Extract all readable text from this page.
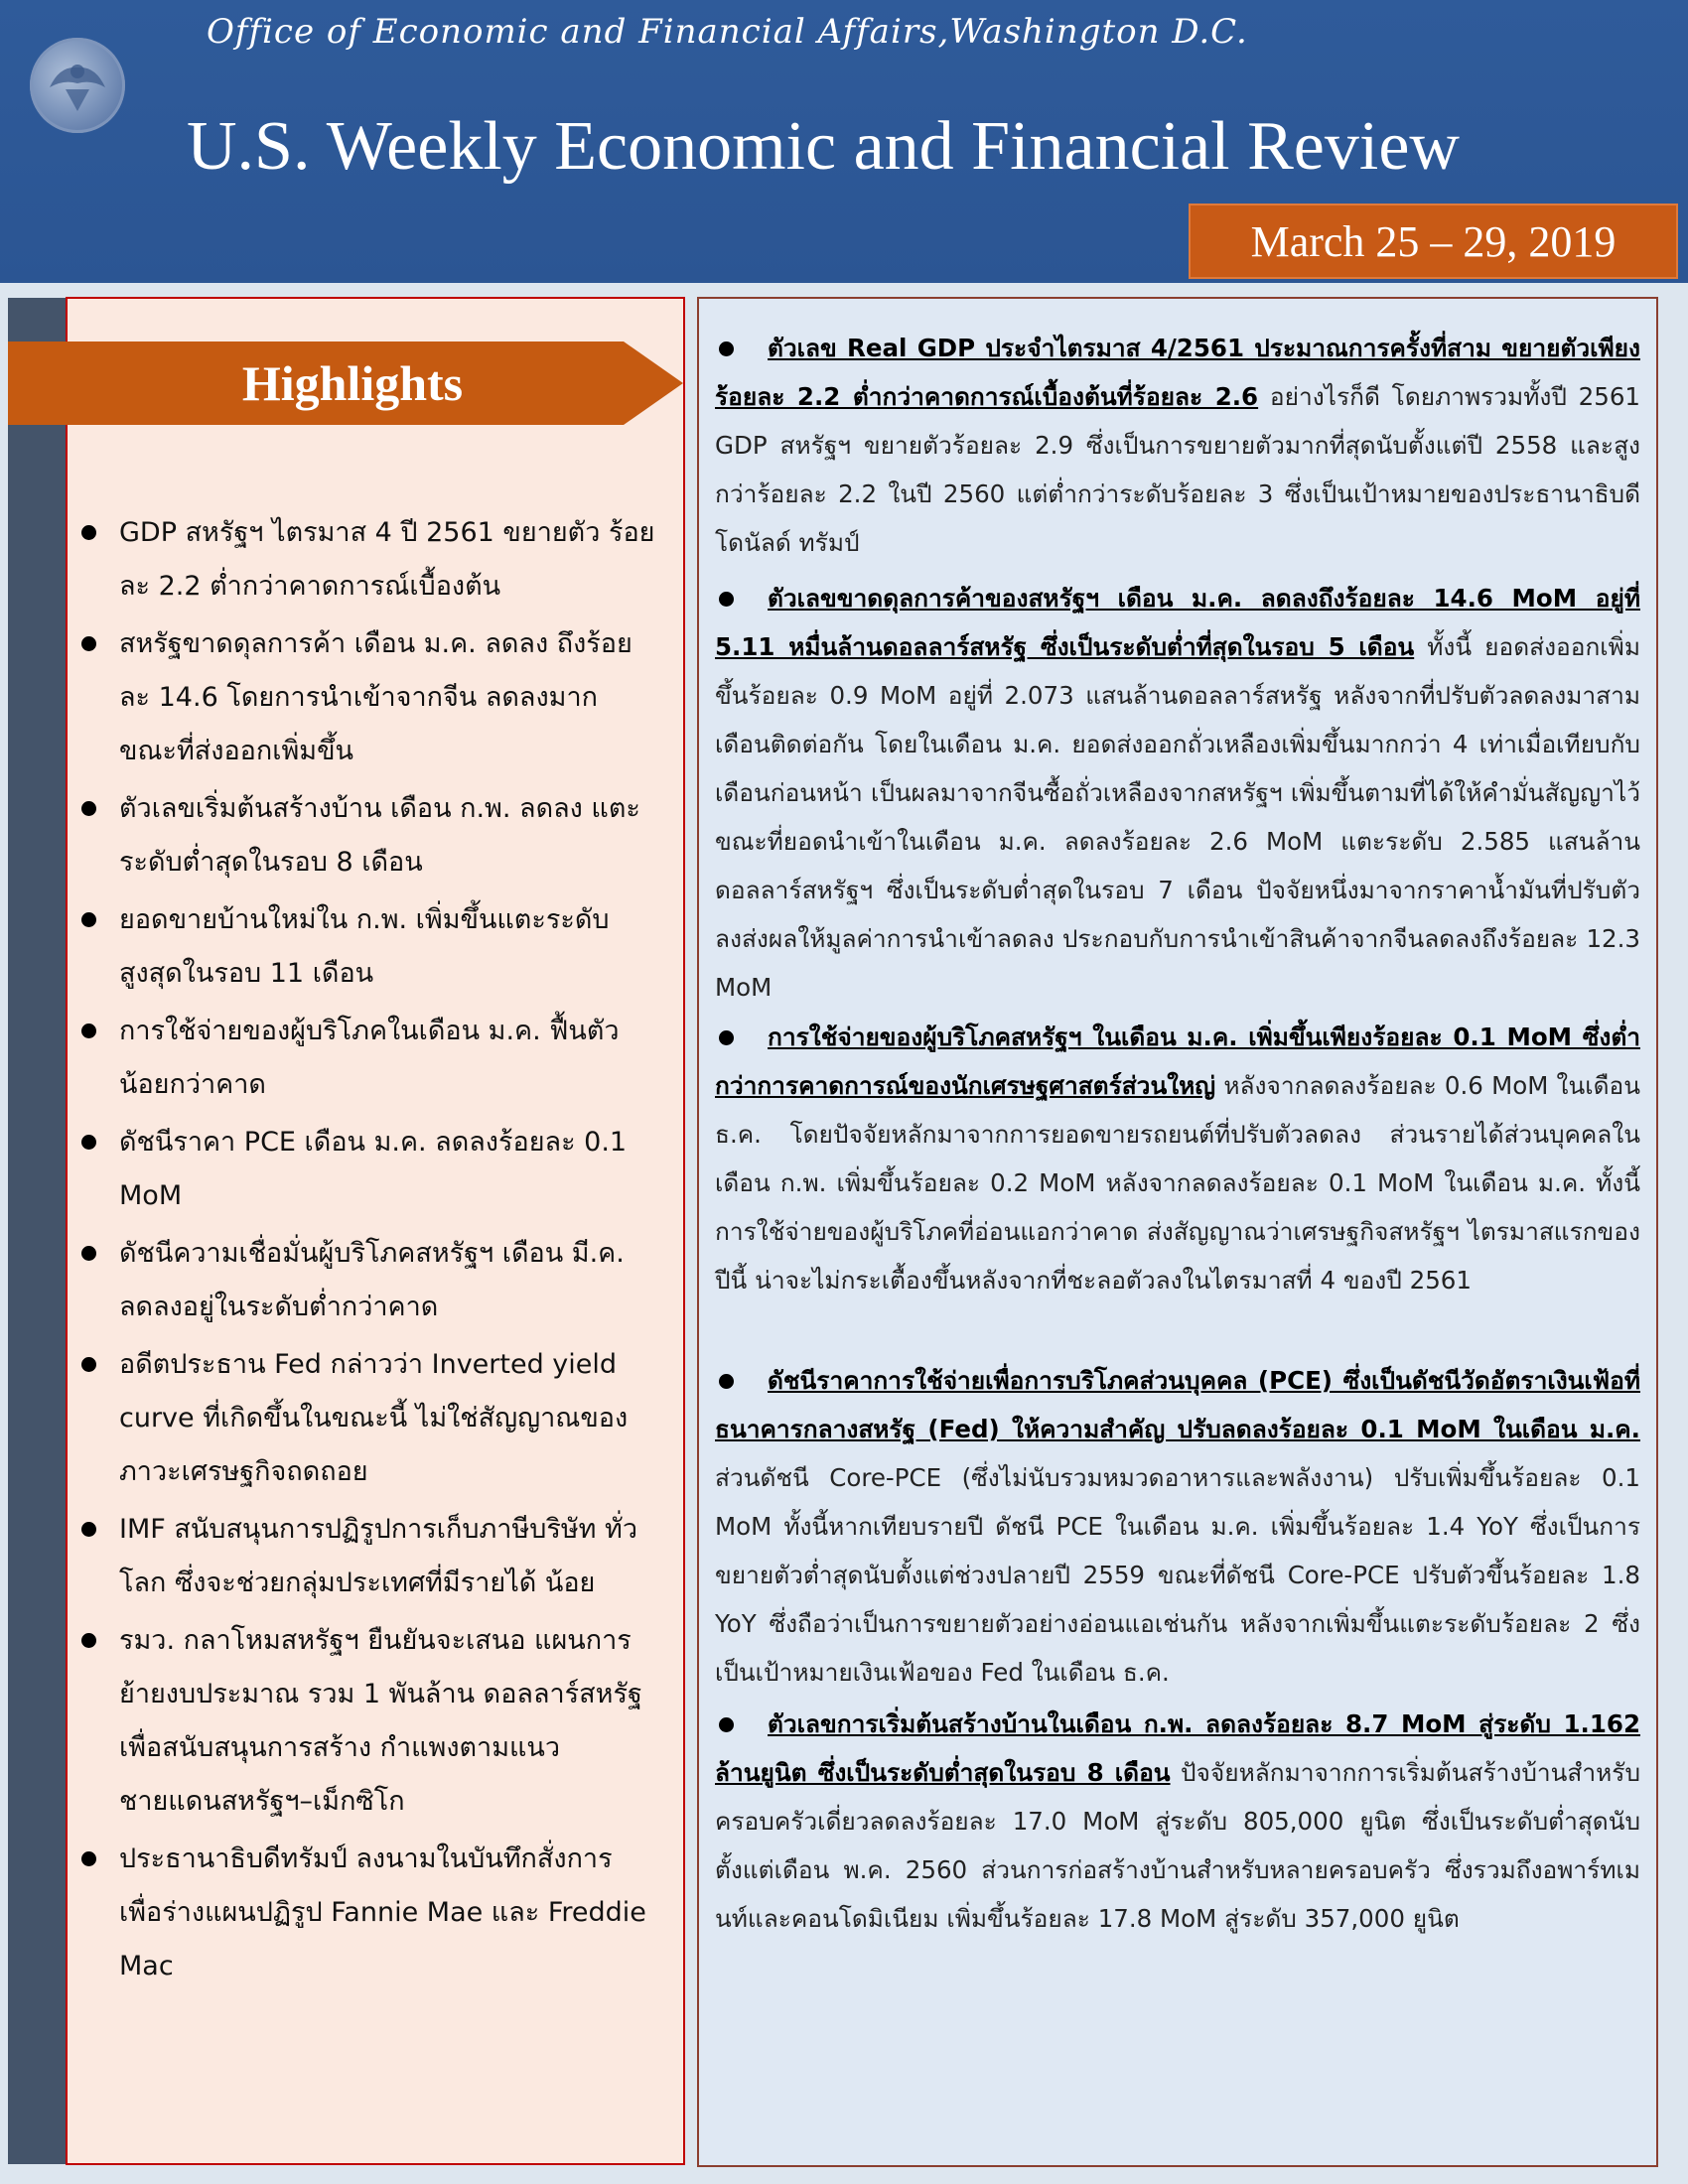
Office of Economic and Financial Affairs,Washington D.C.
U.S. Weekly Economic and Financial Review
March 25 – 29, 2019
Highlights
GDP สหรัฐฯ ไตรมาส 4 ปี 2561 ขยายตัว ร้อยละ 2.2 ต่ำกว่าคาดการณ์เบื้องต้น
สหรัฐขาดดุลการค้า เดือน ม.ค. ลดลง ถึงร้อยละ 14.6 โดยการนำเข้าจากจีน ลดลงมาก ขณะที่ส่งออกเพิ่มขึ้น
ตัวเลขเริ่มต้นสร้างบ้าน เดือน ก.พ. ลดลง แตะระดับต่ำสุดในรอบ 8 เดือน
ยอดขายบ้านใหม่ใน ก.พ. เพิ่มขึ้นแตะระดับ สูงสุดในรอบ 11 เดือน
การใช้จ่ายของผู้บริโภคในเดือน ม.ค. ฟื้นตัว น้อยกว่าคาด
ดัชนีราคา PCE เดือน ม.ค. ลดลงร้อยละ 0.1 MoM
ดัชนีความเชื่อมั่นผู้บริโภคสหรัฐฯ เดือน มี.ค. ลดลงอยู่ในระดับต่ำกว่าคาด
อดีตประธาน Fed กล่าวว่า Inverted yield curve ที่เกิดขึ้นในขณะนี้ ไม่ใช่สัญญาณของภาวะเศรษฐกิจถดถอย
IMF สนับสนุนการปฏิรูปการเก็บภาษีบริษัท ทั่วโลก ซึ่งจะช่วยกลุ่มประเทศที่มีรายได้ น้อย
รมว. กลาโหมสหรัฐฯ ยืนยันจะเสนอ แผนการย้ายงบประมาณ รวม 1 พันล้าน ดอลลาร์สหรัฐ เพื่อสนับสนุนการสร้าง กำแพงตามแนวชายแดนสหรัฐฯ–เม็กซิโก
ประธานาธิบดีทรัมป์ ลงนามในบันทึกสั่งการ เพื่อร่างแผนปฏิรูป Fannie Mae และ Freddie Mac
ตัวเลข Real GDP ประจำไตรมาส 4/2561 ประมาณการครั้งที่สาม ขยายตัวเพียงร้อยละ 2.2 ต่ำกว่าคาดการณ์เบื้องต้นที่ร้อยละ 2.6 อย่างไรก็ดี โดยภาพรวมทั้งปี 2561 GDP สหรัฐฯ ขยายตัวร้อยละ 2.9 ซึ่งเป็นการขยายตัวมากที่สุดนับตั้งแต่ปี 2558 และสูงกว่าร้อยละ 2.2 ในปี 2560 แต่ต่ำกว่าระดับร้อยละ 3 ซึ่งเป็นเป้าหมายของประธานาธิบดีโดนัลด์ ทรัมป์
ตัวเลขขาดดุลการค้าของสหรัฐฯ เดือน ม.ค. ลดลงถึงร้อยละ 14.6 MoM อยู่ที่ 5.11 หมื่นล้านดอลลาร์สหรัฐ ซึ่งเป็นระดับต่ำที่สุดในรอบ 5 เดือน ทั้งนี้ ยอดส่งออกเพิ่มขึ้นร้อยละ 0.9 MoM อยู่ที่ 2.073 แสนล้านดอลลาร์สหรัฐ หลังจากที่ปรับตัวลดลงมาสามเดือนติดต่อกัน โดยในเดือน ม.ค. ยอดส่งออกถั่วเหลืองเพิ่มขึ้นมากกว่า 4 เท่าเมื่อเทียบกับเดือนก่อนหน้า เป็นผลมาจากจีนซื้อถั่วเหลืองจากสหรัฐฯ เพิ่มขึ้นตามที่ได้ให้คำมั่นสัญญาไว้ ขณะที่ยอดนำเข้าในเดือน ม.ค. ลดลงร้อยละ 2.6 MoM แตะระดับ 2.585 แสนล้านดอลลาร์สหรัฐฯ ซึ่งเป็นระดับต่ำสุดในรอบ 7 เดือน ปัจจัยหนึ่งมาจากราคาน้ำมันที่ปรับตัวลงส่งผลให้มูลค่าการนำเข้าลดลง ประกอบกับการนำเข้าสินค้าจากจีนลดลงถึงร้อยละ 12.3 MoM
การใช้จ่ายของผู้บริโภคสหรัฐฯ ในเดือน ม.ค. เพิ่มขึ้นเพียงร้อยละ 0.1 MoM ซึ่งต่ำกว่าการคาดการณ์ของนักเศรษฐศาสตร์ส่วนใหญ่ หลังจากลดลงร้อยละ 0.6 MoM ในเดือน ธ.ค. โดยปัจจัยหลักมาจากการยอดขายรถยนต์ที่ปรับตัวลดลง ส่วนรายได้ส่วนบุคคลในเดือน ก.พ. เพิ่มขึ้นร้อยละ 0.2 MoM หลังจากลดลงร้อยละ 0.1 MoM ในเดือน ม.ค. ทั้งนี้การใช้จ่ายของผู้บริโภคที่อ่อนแอกว่าคาด ส่งสัญญาณว่าเศรษฐกิจสหรัฐฯ ไตรมาสแรกของปีนี้ น่าจะไม่กระเตื้องขึ้นหลังจากที่ชะลอตัวลงในไตรมาสที่ 4 ของปี 2561
ดัชนีราคาการใช้จ่ายเพื่อการบริโภคส่วนบุคคล (PCE) ซึ่งเป็นดัชนีวัดอัตราเงินเฟ้อที่ธนาคารกลางสหรัฐ (Fed) ให้ความสำคัญ ปรับลดลงร้อยละ 0.1 MoM ในเดือน ม.ค. ส่วนดัชนี Core-PCE (ซึ่งไม่นับรวมหมวดอาหารและพลังงาน) ปรับเพิ่มขึ้นร้อยละ 0.1 MoM ทั้งนี้หากเทียบรายปี ดัชนี PCE ในเดือน ม.ค. เพิ่มขึ้นร้อยละ 1.4 YoY ซึ่งเป็นการขยายตัวต่ำสุดนับตั้งแต่ช่วงปลายปี 2559 ขณะที่ดัชนี Core-PCE ปรับตัวขึ้นร้อยละ 1.8 YoY ซึ่งถือว่าเป็นการขยายตัวอย่างอ่อนแอเช่นกัน หลังจากเพิ่มขึ้นแตะระดับร้อยละ 2 ซึ่งเป็นเป้าหมายเงินเฟ้อของ Fed ในเดือน ธ.ค.
ตัวเลขการเริ่มต้นสร้างบ้านในเดือน ก.พ. ลดลงร้อยละ 8.7 MoM สู่ระดับ 1.162 ล้านยูนิต ซึ่งเป็นระดับต่ำสุดในรอบ 8 เดือน ปัจจัยหลักมาจากการเริ่มต้นสร้างบ้านสำหรับครอบครัวเดี่ยวลดลงร้อยละ 17.0 MoM สู่ระดับ 805,000 ยูนิต ซึ่งเป็นระดับต่ำสุดนับตั้งแต่เดือน พ.ค. 2560 ส่วนการก่อสร้างบ้านสำหรับหลายครอบครัว ซึ่งรวมถึงอพาร์ทเมนท์และคอนโดมิเนียม เพิ่มขึ้นร้อยละ 17.8 MoM สู่ระดับ 357,000 ยูนิต
